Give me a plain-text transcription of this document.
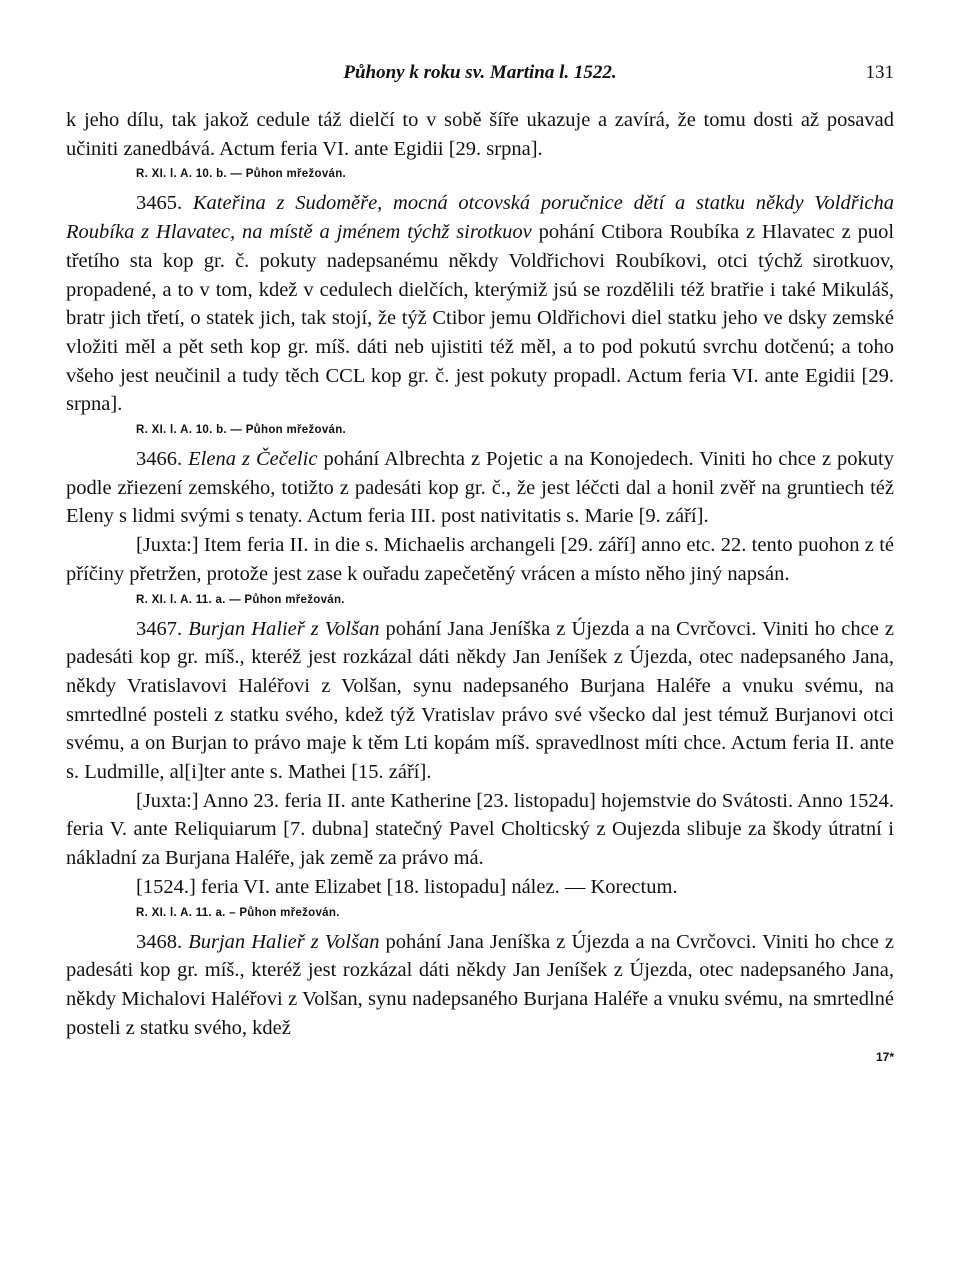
Půhony k roku sv. Martina l. 1522.	131

k jeho dílu, tak jakož cedule táž dielčí to v sobě šíře ukazuje a zavírá, že tomu dosti až posavad učiniti zanedbává. Actum feria VI. ante Egidii [29. srpna].

R. XI. l. A. 10. b. — Půhon mřežován.

3465. Kateřina z Sudoměře, mocná otcovská poručnice dětí a statku někdy Voldřicha Roubíka z Hlavatec, na místě a jménem týchž sirotkuov pohání Ctibora Roubíka z Hlavatec z puol třetího sta kop gr. č. pokuty nadepsanému někdy Voldřichovi Roubíkovi, otci týchž sirotkuov, propadené, a to v tom, kdež v cedulech dielčích, kterýmiž jsú se rozdělili též bratřie i také Mikuláš, bratr jich třetí, o statek jich, tak stojí, že týž Ctibor jemu Oldřichovi diel statku jeho ve dsky zemské vložiti měl a pět seth kop gr. míš. dáti neb ujistiti též měl, a to pod pokutú svrchu dotčenú; a toho všeho jest neučinil a tudy těch CCL kop gr. č. jest pokuty propadl. Actum feria VI. ante Egidii [29. srpna].

R. XI. l. A. 10. b. — Půhon mřežován.

3466. Elena z Čečelic pohání Albrechta z Pojetic a na Konojedech. Viniti ho chce z pokuty podle zřiezení zemského, totižto z padesáti kop gr. č., že jest léčcti dal a honil zvěř na gruntiech též Eleny s lidmi svými s tenaty. Actum feria III. post nativitatis s. Marie [9. září].

[Juxta:] Item feria II. in die s. Michaelis archangeli [29. září] anno etc. 22. tento puohon z té příčiny přetržen, protože jest zase k ouřadu zapečetěný vrácen a místo něho jiný napsán.

R. XI. l. A. 11. a. — Půhon mřežován.

3467. Burjan Halieř z Volšan pohání Jana Jeníška z Újezda a na Cvrčovci. Viniti ho chce z padesáti kop gr. míš., kteréž jest rozkázal dáti někdy Jan Jeníšek z Újezda, otec nadepsaného Jana, někdy Vratislavovi Haléřovi z Volšan, synu nadepsaného Burjana Haléře a vnuku svému, na smrtedlné posteli z statku svého, kdež týž Vratislav právo své všecko dal jest témuž Burjanovi otci svému, a on Burjan to právo maje k těm Lti kopám míš. spravedlnost míti chce. Actum feria II. ante s. Ludmille, al[i]ter ante s. Mathei [15. září].

[Juxta:] Anno 23. feria II. ante Katherine [23. listopadu] hojemstvie do Svátosti. Anno 1524. feria V. ante Reliquiarum [7. dubna] statečný Pavel Cholticský z Oujezda slibuje za škody útratní i nákladní za Burjana Haléře, jak země za právo má.

[1524.] feria VI. ante Elizabet [18. listopadu] nález. — Korectum.

R. XI. l. A. 11. a. – Půhon mřežován.

3468. Burjan Halieř z Volšan pohání Jana Jeníška z Újezda a na Cvrčovci. Viniti ho chce z padesáti kop gr. míš., kteréž jest rozkázal dáti někdy Jan Jeníšek z Újezda, otec nadepsaného Jana, někdy Michalovi Haléřovi z Volšan, synu nadepsaného Burjana Haléře a vnuku svému, na smrtedlné posteli z statku svého, kdež

17*
